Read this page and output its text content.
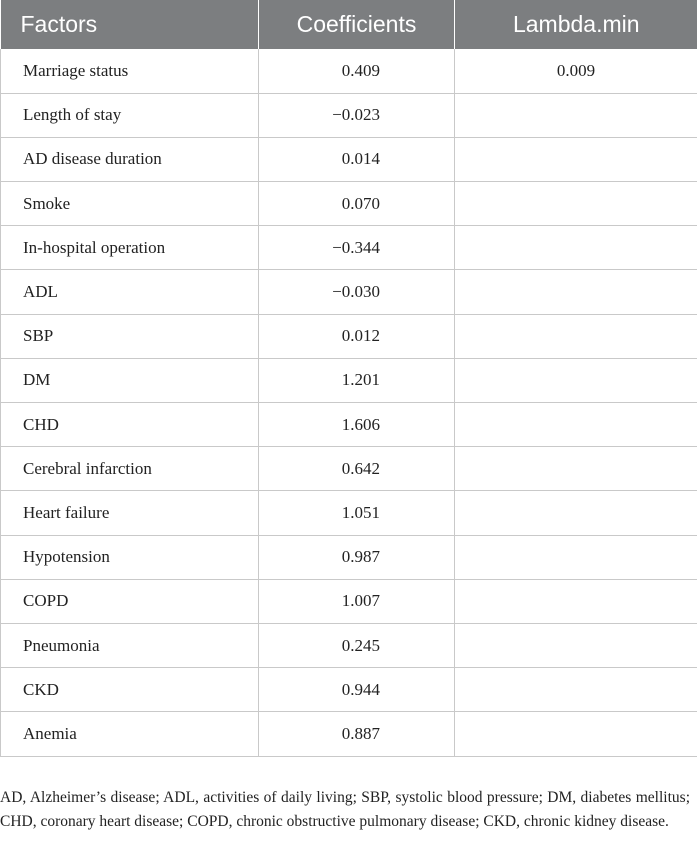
Factors	Coefficients	Lambda.min
Marriage status	0.409	0.009
Length of stay	−0.023	
AD disease duration	0.014	
Smoke	0.070	
In-hospital operation	−0.344	
ADL	−0.030	
SBP	0.012	
DM	1.201	
CHD	1.606	
Cerebral infarction	0.642	
Heart failure	1.051	
Hypotension	0.987	
COPD	1.007	
Pneumonia	0.245	
CKD	0.944	
Anemia	0.887	

AD, Alzheimer’s disease; ADL, activities of daily living; SBP, systolic blood pressure; DM, diabetes mellitus; CHD, coronary heart disease; COPD, chronic obstructive pulmonary disease; CKD, chronic kidney disease.
